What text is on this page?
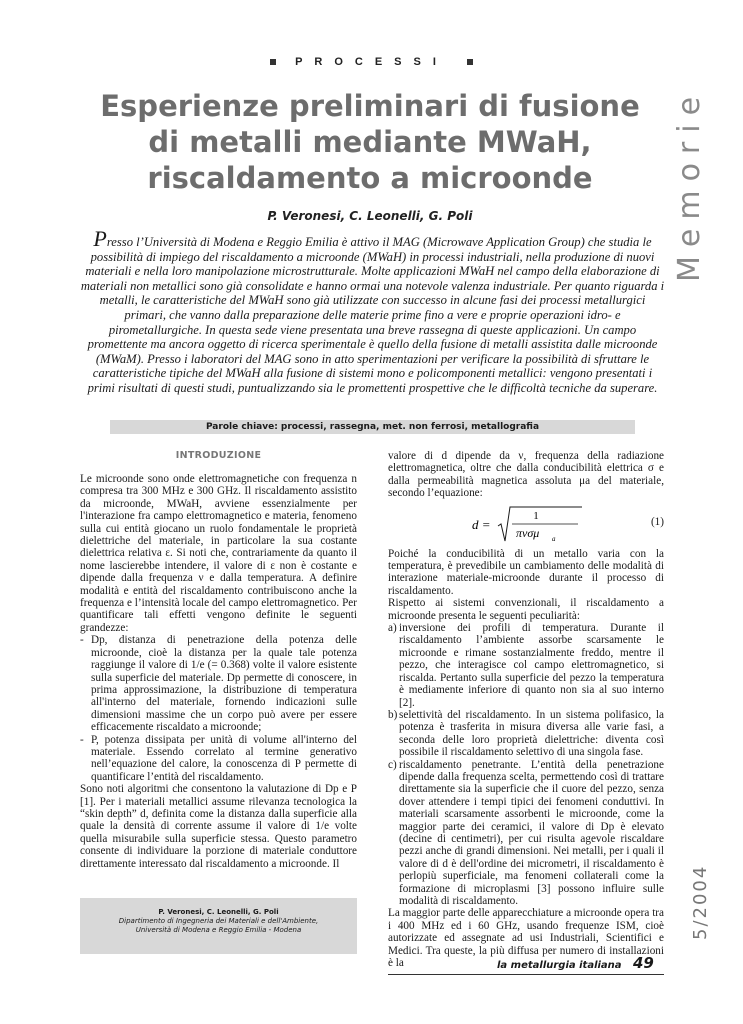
PROCESSI
Memorie
Esperienze preliminari di fusione
di metalli mediante MWaH,
riscaldamento a microonde
P. Veronesi, C. Leonelli, G. Poli
Presso l’Università di Modena e Reggio Emilia è attivo il MAG (Microwave Application Group) che studia le possibilità di impiego del riscaldamento a microonde (MWaH) in processi industriali, nella produzione di nuovi materiali e nella loro manipolazione microstrutturale. Molte applicazioni MWaH nel campo della elaborazione di materiali non metallici sono già consolidate e hanno ormai una notevole valenza industriale. Per quanto riguarda i metalli, le caratteristiche del MWaH sono già utilizzate con successo in alcune fasi dei processi metallurgici primari, che vanno dalla preparazione delle materie prime fino a vere e proprie operazioni idro- e pirometallurgiche. In questa sede viene presentata una breve rassegna di queste applicazioni. Un campo promettente ma ancora oggetto di ricerca sperimentale è quello della fusione di metalli assistita dalle microonde (MWaM). Presso i laboratori del MAG sono in atto sperimentazioni per verificare la possibilità di sfruttare le caratteristiche tipiche del MWaH alla fusione di sistemi mono e policomponenti metallici: vengono presentati i primi risultati di questi studi, puntualizzando sia le promettenti prospettive che le difficoltà tecniche da superare.
Parole chiave: processi, rassegna, met. non ferrosi, metallografia
INTRODUZIONE
Le microonde sono onde elettromagnetiche con frequenza n compresa tra 300 MHz e 300 GHz. Il riscaldamento assistito da microonde, MWaH, avviene essenzialmente per l'interazione fra campo elettromagnetico e materia, fenomeno sulla cui entità giocano un ruolo fondamentale le proprietà dielettriche del materiale, in particolare la sua costante dielettrica relativa ε. Si noti che, contrariamente da quanto il nome lascierebbe intendere, il valore di ε non è costante e dipende dalla frequenza ν e dalla temperatura. A definire modalità e entità del riscaldamento contribuiscono anche la frequenza e l’intensità locale del campo elettromagnetico. Per quantificare tali effetti vengono definite le seguenti grandezze:
- Dp, distanza di penetrazione della potenza delle microonde, cioè la distanza per la quale tale potenza raggiunge il valore di 1/e (= 0.368) volte il valore esistente sulla superficie del materiale. Dp permette di conoscere, in prima approssimazione, la distribuzione di temperatura all'interno del materiale, fornendo indicazioni sulle dimensioni massime che un corpo può avere per essere efficacemente riscaldato a microonde;
- P, potenza dissipata per unità di volume all'interno del materiale. Essendo correlato al termine generativo nell’equazione del calore, la conoscenza di P permette di quantificare l’entità del riscaldamento.
Sono noti algoritmi che consentono la valutazione di Dp e P [1]. Per i materiali metallici assume rilevanza tecnologica la “skin depth” d, definita come la distanza dalla superficie alla quale la densità di corrente assume il valore di 1/e volte quella misurabile sulla superficie stessa. Questo parametro consente di individuare la porzione di materiale conduttore direttamente interessato dal riscaldamento a microonde. Il
P. Veronesi, C. Leonelli, G. Poli
Dipartimento di Ingegneria dei Materiali e dell'Ambiente,
Università di Modena e Reggio Emilia - Modena
valore di d dipende da ν, frequenza della radiazione elettromagnetica, oltre che dalla conducibilità elettrica σ e dalla permeabilità magnetica assoluta μa del materiale, secondo l’equazione:
d =
1
πνσμ a
(1)
Poiché la conducibilità di un metallo varia con la temperatura, è prevedibile un cambiamento delle modalità di interazione materiale-microonde durante il processo di riscaldamento.
Rispetto ai sistemi convenzionali, il riscaldamento a microonde presenta le seguenti peculiarità:
a) inversione dei profili di temperatura. Durante il riscaldamento l’ambiente assorbe scarsamente le microonde e rimane sostanzialmente freddo, mentre il pezzo, che interagisce col campo elettromagnetico, si riscalda. Pertanto sulla superficie del pezzo la temperatura è mediamente inferiore di quanto non sia al suo interno [2].
b) selettività del riscaldamento. In un sistema polifasico, la potenza è trasferita in misura diversa alle varie fasi, a seconda delle loro proprietà dielettriche: diventa così possibile il riscaldamento selettivo di una singola fase.
c) riscaldamento penetrante. L’entità della penetrazione dipende dalla frequenza scelta, permettendo così di trattare direttamente sia la superficie che il cuore del pezzo, senza dover attendere i tempi tipici dei fenomeni conduttivi. In materiali scarsamente assorbenti le microonde, come la maggior parte dei ceramici, il valore di Dp è elevato (decine di centimetri), per cui risulta agevole riscaldare pezzi anche di grandi dimensioni. Nei metalli, per i quali il valore di d è dell'ordine dei micrometri, il riscaldamento è perlopiù superficiale, ma fenomeni collaterali come la formazione di microplasmi [3] possono influire sulle modalità di riscaldamento.
La maggior parte delle apparecchiature a microonde opera tra i 400 MHz ed i 60 GHz, usando frequenze ISM, cioè autorizzate ed assegnate ad usi Industriali, Scientifici e Medici. Tra queste, la più diffusa per numero di installazioni è la
5/2004
la metallurgia italiana 49
